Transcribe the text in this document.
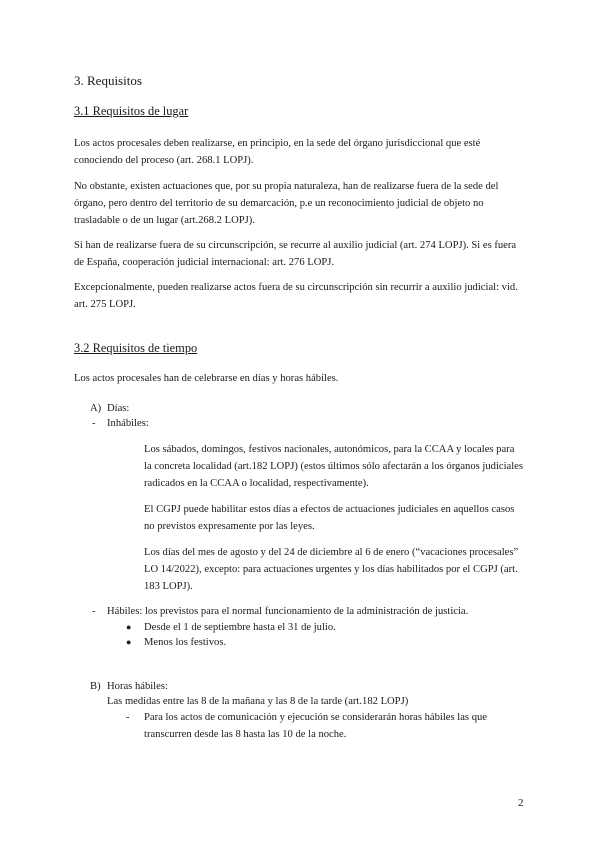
3. Requisitos
3.1 Requisitos de lugar

Los actos procesales deben realizarse, en principio, en la sede del órgano jurisdiccional que esté conociendo del proceso (art. 268.1 LOPJ).

No obstante, existen actuaciones que, por su propia naturaleza, han de realizarse fuera de la sede del órgano, pero dentro del territorio de su demarcación, p.e un reconocimiento judicial de objeto no trasladable o de un lugar (art.268.2 LOPJ).

Si han de realizarse fuera de su circunscripción, se recurre al auxilio judicial (art. 274 LOPJ). Si es fuera de España, cooperación judicial internacional: art. 276 LOPJ.

Excepcionalmente, pueden realizarse actos fuera de su circunscripción sin recurrir a auxilio judicial: vid. art. 275 LOPJ.

3.2 Requisitos de tiempo

Los actos procesales han de celebrarse en días y horas hábiles.

A) Días:
- Inhábiles:

Los sábados, domingos, festivos nacionales, autonómicos, para la CCAA y locales para la concreta localidad (art.182 LOPJ) (estos últimos sólo afectarán a los órganos judiciales radicados en la CCAA o localidad, respectivamente).

El CGPJ puede habilitar estos días a efectos de actuaciones judiciales en aquellos casos no previstos expresamente por las leyes.

Los días del mes de agosto y del 24 de diciembre al 6 de enero (“vacaciones procesales” LO 14/2022), excepto: para actuaciones urgentes y los días habilitados por el CGPJ (art. 183 LOPJ).

- Hábiles: los previstos para el normal funcionamiento de la administración de justicia.
● Desde el 1 de septiembre hasta el 31 de julio.
● Menos los festivos.
B) Horas hábiles:
Las medidas entre las 8 de la mañana y las 8 de la tarde (art.182 LOPJ)
- Para los actos de comunicación y ejecución se considerarán horas hábiles las que transcurren desde las 8 hasta las 10 de la noche.

2
